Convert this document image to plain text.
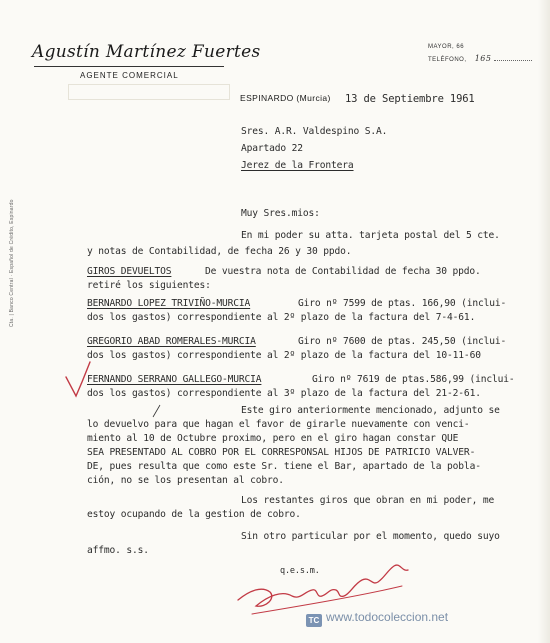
Agustín Martínez Fuertes
AGENTE COMERCIAL
MAYOR, 66
TELÉFONO, 165
ESPINARDO (Murcia) 13 de Septiembre 1961
Sres. A.R. Valdespino S.A.
Apartado 22
Jerez de la Frontera
Cta. | Banco Central · Español de Crédito, Espinardo	Muy Sres.mios:
En mi poder su atta. tarjeta postal del 5 cte.
y notas de Contabilidad, de fecha 26 y 30 ppdo.
GIROS DEVUELTOS	De vuestra nota de Contabilidad de fecha 30 ppdo.
retiré los siguientes:
BERNARDO LOPEZ TRIVIÑO-MURCIA	Giro nº 7599 de ptas. 166,90 (inclui-
dos los gastos) correspondiente al 2º plazo de la factura del 7-4-61.
GREGORIO ABAD ROMERALES-MURCIA	Giro nº 7600 de ptas. 245,50 (inclui-
dos los gastos) correspondiente al 2º plazo de la factura del 10-11-60
FERNANDO SERRANO GALLEGO-MURCIA	Giro nº 7619 de ptas.586,99 (inclui-
dos los gastos) correspondiente al 3º plazo de la factura del 21-2-61.
Este giro anteriormente mencionado, adjunto se
lo devuelvo para que hagan el favor de girarle nuevamente con venci-
miento al 10 de Octubre proximo, pero en el giro hagan constar QUE
SEA PRESENTADO AL COBRO POR EL CORRESPONSAL HIJOS DE PATRICIO VALVER-
DE, pues resulta que como este Sr. tiene el Bar, apartado de la pobla-
ción, no se los presentan al cobro.
Los restantes giros que obran en mi poder, me
estoy ocupando de la gestion de cobro.
Sin otro particular por el momento, quedo suyo
affmo. s.s.
q.e.s.m.
TC www.todocoleccion.net
